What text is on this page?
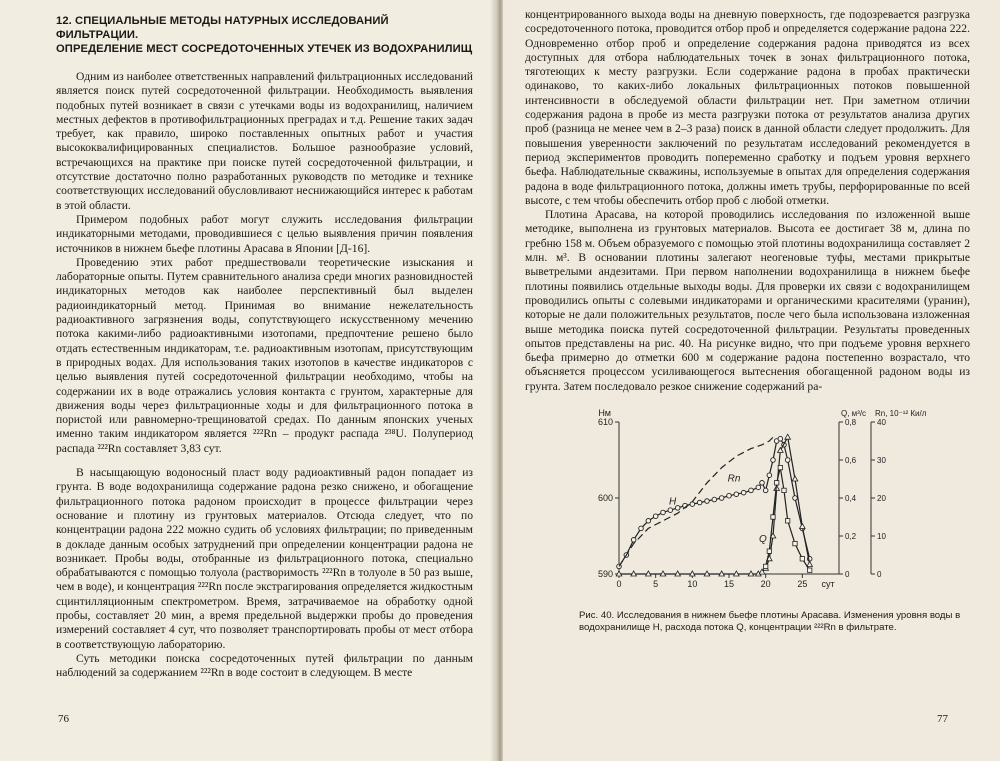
12. СПЕЦИАЛЬНЫЕ МЕТОДЫ НАТУРНЫХ ИССЛЕДОВАНИЙ ФИЛЬТРАЦИИ.
ОПРЕДЕЛЕНИЕ МЕСТ СОСРЕДОТОЧЕННЫХ УТЕЧЕК ИЗ ВОДОХРАНИЛИЩ

Одним из наиболее ответственных направлений фильтрационных исследований является поиск путей сосредоточенной фильтрации. Необходимость выявления подобных путей возникает в связи с утечками воды из водохранилищ, наличием местных дефектов в противофильтрационных преградах и т.д. Решение таких задач требует, как правило, широко поставленных опытных работ и участия высококвалифицированных специалистов. Большое разнообразие условий, встречающихся на практике при поиске путей сосредоточенной фильтрации, и отсутствие достаточно полно разработанных руководств по методике и технике соответствующих исследований обусловливают неснижающийся интерес к работам в этой области.

Примером подобных работ могут служить исследования фильтрации индикаторными методами, проводившиеся с целью выявления причин появления источников в нижнем бьефе плотины Арасава в Японии [Д-16].

Проведению этих работ предшествовали теоретические изыскания и лабораторные опыты. Путем сравнительного анализа среди многих разновидностей индикаторных методов как наиболее перспективный был выделен радиоиндикаторный метод. Принимая во внимание нежелательность радиоактивного загрязнения воды, сопутствующего искусственному мечению потока какими-либо радиоактивными изотопами, предпочтение решено было отдать естественным индикаторам, т.е. радиоактивным изотопам, присутствующим в природных водах. Для использования таких изотопов в качестве индикаторов с целью выявления путей сосредоточенной фильтрации необходимо, чтобы на содержании их в воде отражались условия контакта с грунтом, характерные для движения воды через фильтрационные ходы и для фильтрационного потока в пористой или равномерно-трещиноватой средах. По данным японских ученых именно таким индикатором является ²²²Rn – продукт распада ²³⁸U. Полупериод распада ²²²Rn составляет 3,83 сут.

В насыщающую водоносный пласт воду радиоактивный радон попадает из грунта. В воде водохранилища содержание радона резко снижено, и обогащение фильтрационного потока радоном происходит в процессе фильтрации через основание и плотину из грунтовых материалов. Отсюда следует, что по концентрации радона 222 можно судить об условиях фильтрации; по приведенным в докладе данным особых затруднений при определении концентрации радона не возникает. Пробы воды, отобранные из фильтрационного потока, специально обрабатываются с помощью толуола (растворимость ²²²Rn в толуоле в 50 раз выше, чем в воде), и концентрация ²²²Rn после экстрагирования определяется жидкостным сцинтилляционным спектрометром. Время, затрачиваемое на обработку одной пробы, составляет 20 мин, а время предельной выдержки пробы до проведения измерений составляет 4 сут, что позволяет транспортировать пробы от мест отбора в соответствующую лабораторию.

Суть методики поиска сосредоточенных путей фильтрации по данным наблюдений за содержанием ²²²Rn в воде состоит в следующем. В месте

76

концентрированного выхода воды на дневную поверхность, где подозревается разгрузка сосредоточенного потока, проводится отбор проб и определяется содержание радона 222. Одновременно отбор проб и определение содержания радона приводятся из всех доступных для отбора наблюдательных точек в зонах фильтрационного потока, тяготеющих к месту разгрузки. Если содержание радона в пробах практически одинаково, то каких-либо локальных фильтрационных потоков повышенной интенсивности в обследуемой области фильтрации нет. При заметном отличии содержания радона в пробе из места разгрузки потока от результатов анализа других проб (разница не менее чем в 2–3 раза) поиск в данной области следует продолжить. Для повышения уверенности заключений по результатам исследований рекомендуется в период экспериментов проводить попеременно сработку и подъем уровня верхнего бьефа. Наблюдательные скважины, используемые в опытах для определения содержания радона в воде фильтрационного потока, должны иметь трубы, перфорированные по всей высоте, с тем чтобы обеспечить отбор проб с любой отметки.

Плотина Арасава, на которой проводились исследования по изложенной выше методике, выполнена из грунтовых материалов. Высота ее достигает 38 м, длина по гребню 158 м. Объем образуемого с помощью этой плотины водохранилища составляет 2 млн. м³. В основании плотины залегают неогеновые туфы, местами прикрытые выветрелыми андезитами. При первом наполнении водохранилища в нижнем бьефе плотины появились отдельные выходы воды. Для проверки их связи с водохранилищем проводились опыты с солевыми индикаторами и органическими красителями (уранин), которые не дали положительных результатов, после чего была использована изложенная выше методика поиска путей сосредоточенной фильтрации. Результаты проведенных опытов представлены на рис. 40. На рисунке видно, что при подъеме уровня верхнего бьефа примерно до отметки 600 м содержание радона постепенно возрастало, что объясняется процессом усиливающегося вытеснения обогащенной радоном воды из грунта. Затем последовало резкое снижение содержаний ра-

0	5	10	15	20	25 сут
610
600
590
Нм
0,8
0,6
0,4
0,2
0
Q, м³/с
40
30
20
10
0
Rn, 10⁻¹² Ки/л
H
Rn
Q

Рис. 40. Исследования в нижнем бьефе плотины Арасава. Изменения уровня воды в водохранилище H, расхода потока Q, концентрации ²²²Rn в фильтрате.

77
